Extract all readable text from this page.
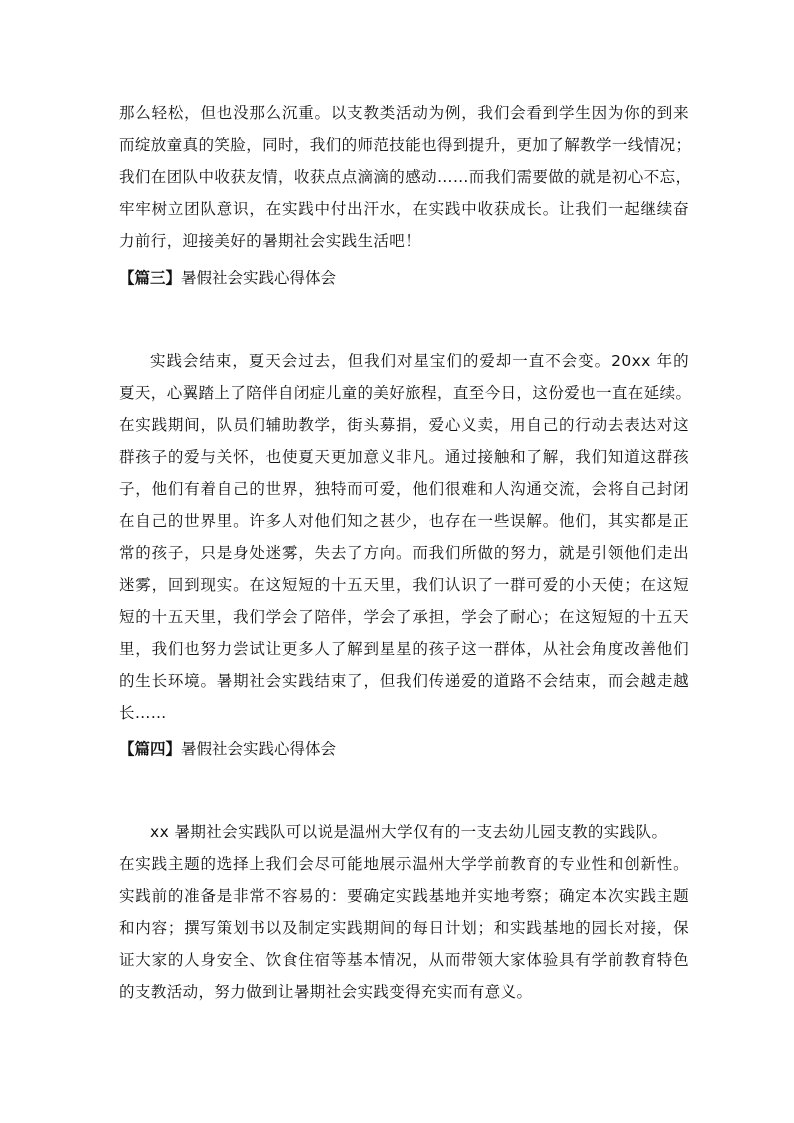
那么轻松，但也没那么沉重。以支教类活动为例，我们会看到学生因为你的到来
而绽放童真的笑脸，同时，我们的师范技能也得到提升，更加了解教学一线情况；
我们在团队中收获友情，收获点点滴滴的感动……而我们需要做的就是初心不忘，
牢牢树立团队意识，在实践中付出汗水，在实践中收获成长。让我们一起继续奋
力前行，迎接美好的暑期社会实践生活吧！
【篇三】暑假社会实践心得体会
实践会结束，夏天会过去，但我们对星宝们的爱却一直不会变。20xx 年的
夏天，心翼踏上了陪伴自闭症儿童的美好旅程，直至今日，这份爱也一直在延续。
在实践期间，队员们辅助教学，街头募捐，爱心义卖，用自己的行动去表达对这
群孩子的爱与关怀，也使夏天更加意义非凡。通过接触和了解，我们知道这群孩
子，他们有着自己的世界，独特而可爱，他们很难和人沟通交流，会将自己封闭
在自己的世界里。许多人对他们知之甚少，也存在一些误解。他们，其实都是正
常的孩子，只是身处迷雾，失去了方向。而我们所做的努力，就是引领他们走出
迷雾，回到现实。在这短短的十五天里，我们认识了一群可爱的小天使；在这短
短的十五天里，我们学会了陪伴，学会了承担，学会了耐心；在这短短的十五天
里，我们也努力尝试让更多人了解到星星的孩子这一群体，从社会角度改善他们
的生长环境。暑期社会实践结束了，但我们传递爱的道路不会结束，而会越走越
长……
【篇四】暑假社会实践心得体会
xx 暑期社会实践队可以说是温州大学仅有的一支去幼儿园支教的实践队。
在实践主题的选择上我们会尽可能地展示温州大学学前教育的专业性和创新性。
实践前的准备是非常不容易的：要确定实践基地并实地考察；确定本次实践主题
和内容；撰写策划书以及制定实践期间的每日计划；和实践基地的园长对接，保
证大家的人身安全、饮食住宿等基本情况，从而带领大家体验具有学前教育特色
的支教活动，努力做到让暑期社会实践变得充实而有意义。
